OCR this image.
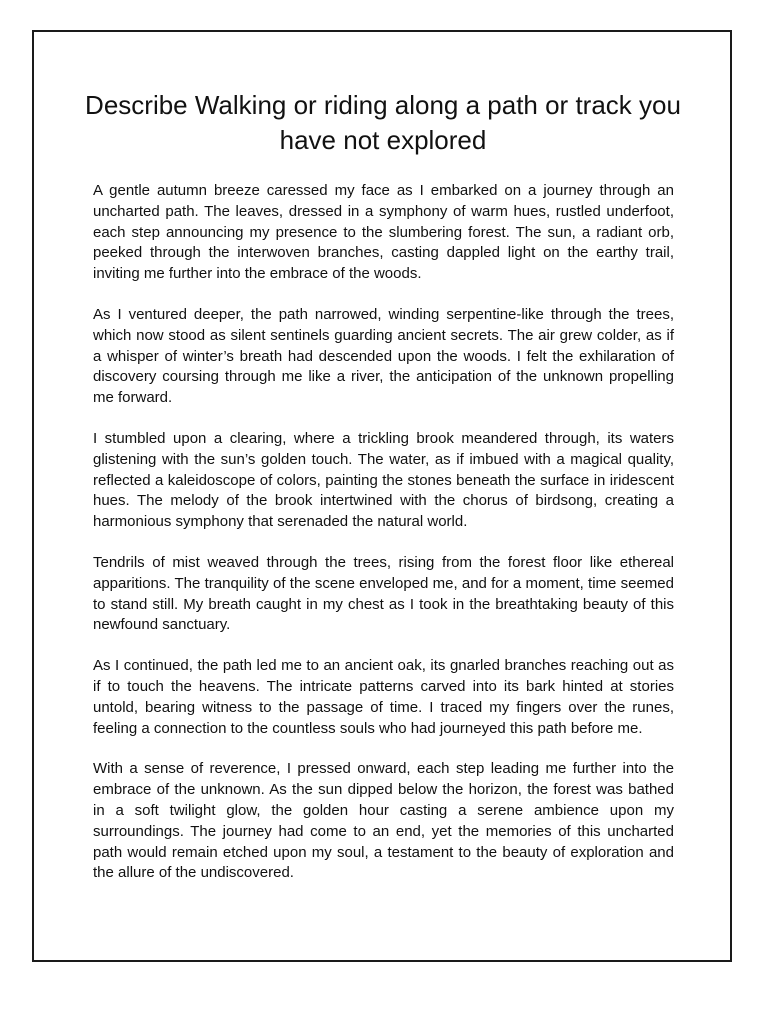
Describe Walking or riding along a path or track you have not explored

A gentle autumn breeze caressed my face as I embarked on a journey through an uncharted path. The leaves, dressed in a symphony of warm hues, rustled underfoot, each step announcing my presence to the slumbering forest. The sun, a radiant orb, peeked through the interwoven branches, casting dappled light on the earthy trail, inviting me further into the embrace of the woods.

As I ventured deeper, the path narrowed, winding serpentine-like through the trees, which now stood as silent sentinels guarding ancient secrets. The air grew colder, as if a whisper of winter’s breath had descended upon the woods. I felt the exhilaration of discovery coursing through me like a river, the anticipation of the unknown propelling me forward.

I stumbled upon a clearing, where a trickling brook meandered through, its waters glistening with the sun’s golden touch. The water, as if imbued with a magical quality, reflected a kaleidoscope of colors, painting the stones beneath the surface in iridescent hues. The melody of the brook intertwined with the chorus of birdsong, creating a harmonious symphony that serenaded the natural world.

Tendrils of mist weaved through the trees, rising from the forest floor like ethereal apparitions. The tranquility of the scene enveloped me, and for a moment, time seemed to stand still. My breath caught in my chest as I took in the breathtaking beauty of this newfound sanctuary.

As I continued, the path led me to an ancient oak, its gnarled branches reaching out as if to touch the heavens. The intricate patterns carved into its bark hinted at stories untold, bearing witness to the passage of time. I traced my fingers over the runes, feeling a connection to the countless souls who had journeyed this path before me.

With a sense of reverence, I pressed onward, each step leading me further into the embrace of the unknown. As the sun dipped below the horizon, the forest was bathed in a soft twilight glow, the golden hour casting a serene ambience upon my surroundings. The journey had come to an end, yet the memories of this uncharted path would remain etched upon my soul, a testament to the beauty of exploration and the allure of the undiscovered.
